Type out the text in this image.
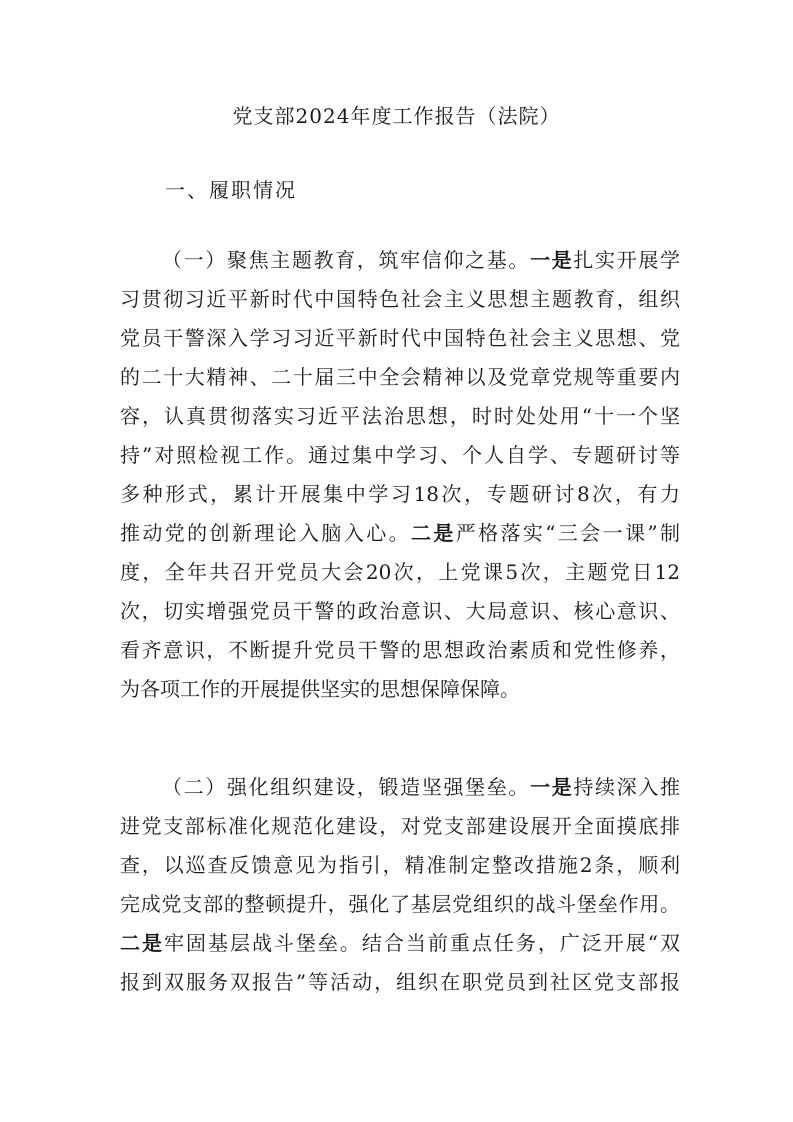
党支部2024年度工作报告（法院）
一、履职情况
（一）聚焦主题教育，筑牢信仰之基。一是扎实开展学
习贯彻习近平新时代中国特色社会主义思想主题教育，组织
党员干警深入学习习近平新时代中国特色社会主义思想、党
的二十大精神、二十届三中全会精神以及党章党规等重要内
容，认真贯彻落实习近平法治思想，时时处处用“十一个坚
持”对照检视工作。通过集中学习、个人自学、专题研讨等
多种形式，累计开展集中学习18次，专题研讨8次，有力
推动党的创新理论入脑入心。二是严格落实“三会一课”制
度，全年共召开党员大会20次，上党课5次，主题党日12
次，切实增强党员干警的政治意识、大局意识、核心意识、
看齐意识，不断提升党员干警的思想政治素质和党性修养，
为各项工作的开展提供坚实的思想保障保障。
（二）强化组织建设，锻造坚强堡垒。一是持续深入推
进党支部标准化规范化建设，对党支部建设展开全面摸底排
查，以巡查反馈意见为指引，精准制定整改措施2条，顺利
完成党支部的整顿提升，强化了基层党组织的战斗堡垒作用。
二是牢固基层战斗堡垒。结合当前重点任务，广泛开展“双
报到双服务双报告”等活动，组织在职党员到社区党支部报
